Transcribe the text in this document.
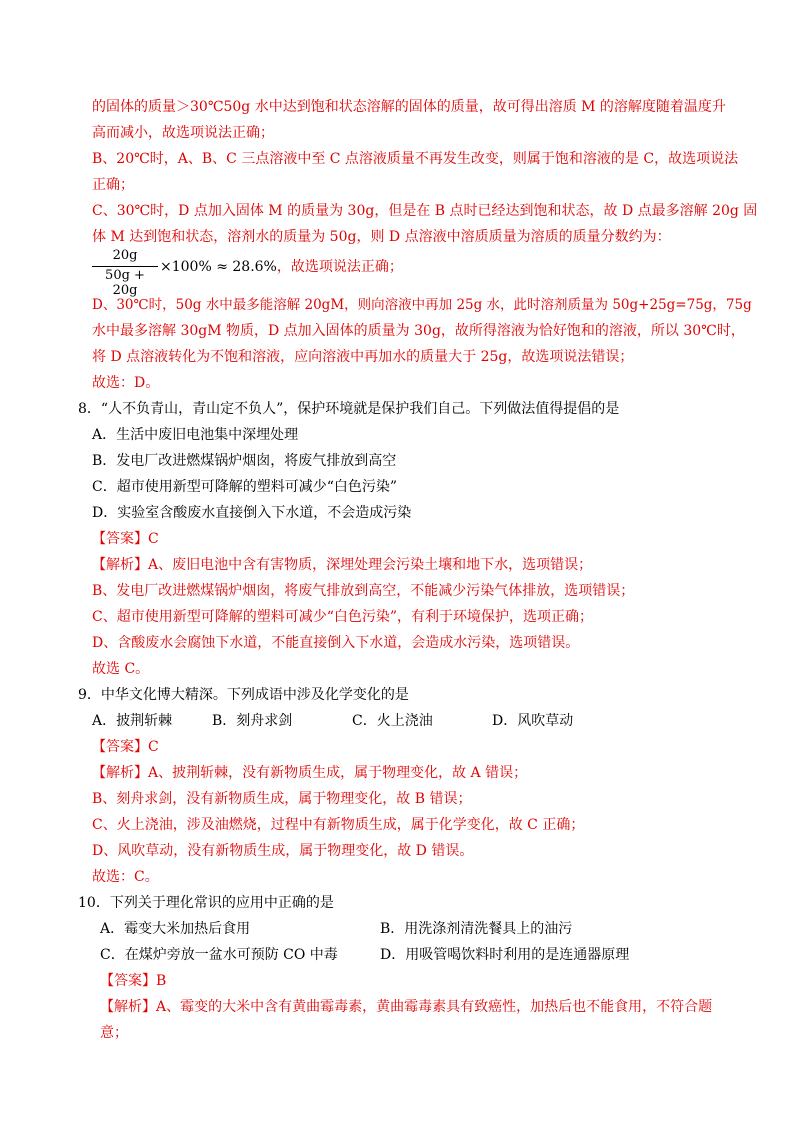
的固体的质量＞30℃50g 水中达到饱和状态溶解的固体的质量，故可得出溶质 M 的溶解度随着温度升
高而减小，故选项说法正确；
B、20℃时，A、B、C 三点溶液中至 C 点溶液质量不再发生改变，则属于饱和溶液的是 C，故选项说法
正确；
C、30℃时，D 点加入固体 M 的质量为 30g，但是在 B 点时已经达到饱和状态，故 D 点最多溶解 20g 固
体 M 达到饱和状态，溶剂水的质量为 50g，则 D 点溶液中溶质质量为溶质的质量分数约为：
20g
50g + 20g
×100% ≈ 28.6%，故选项说法正确；
D、30℃时，50g 水中最多能溶解 20gM，则向溶液中再加 25g 水，此时溶剂质量为 50g+25g=75g，75g
水中最多溶解 30gM 物质，D 点加入固体的质量为 30g，故所得溶液为恰好饱和的溶液，所以 30℃时，
将 D 点溶液转化为不饱和溶液，应向溶液中再加水的质量大于 25g，故选项说法错误；
故选：D。
8．“人不负青山，青山定不负人”，保护环境就是保护我们自己。下列做法值得提倡的是
A．生活中废旧电池集中深埋处理
B．发电厂改进燃煤锅炉烟囱，将废气排放到高空
C．超市使用新型可降解的塑料可减少“白色污染”
D．实验室含酸废水直接倒入下水道，不会造成污染
【答案】C
【解析】A、废旧电池中含有害物质，深埋处理会污染土壤和地下水，选项错误；
B、发电厂改进燃煤锅炉烟囱，将废气排放到高空，不能减少污染气体排放，选项错误；
C、超市使用新型可降解的塑料可减少“白色污染”，有利于环境保护，选项正确；
D、含酸废水会腐蚀下水道，不能直接倒入下水道，会造成水污染，选项错误。
故选 C。
9．中华文化博大精深。下列成语中涉及化学变化的是
A．披荆斩棘	B．刻舟求剑	C．火上浇油	D．风吹草动
【答案】C
【解析】A、披荆斩棘，没有新物质生成，属于物理变化，故 A 错误；
B、刻舟求剑，没有新物质生成，属于物理变化，故 B 错误；
C、火上浇油，涉及油燃烧，过程中有新物质生成，属于化学变化，故 C 正确；
D、风吹草动，没有新物质生成，属于物理变化，故 D 错误。
故选：C。
10．下列关于理化常识的应用中正确的是
A．霉变大米加热后食用	B．用洗涤剂清洗餐具上的油污
C．在煤炉旁放一盆水可预防 CO 中毒	D．用吸管喝饮料时利用的是连通器原理
【答案】B
【解析】A、霉变的大米中含有黄曲霉毒素，黄曲霉毒素具有致癌性，加热后也不能食用，不符合题
意；
